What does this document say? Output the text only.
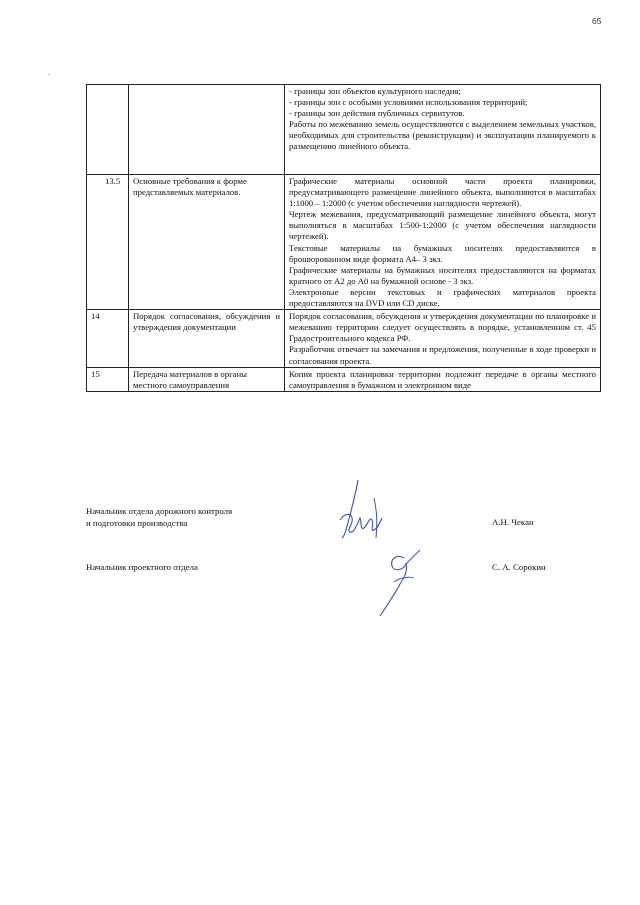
65

		- границы зон объектов культурного наследия;

- границы зон с особыми условиями использования территорий;

- границы зон действия публичных сервитутов.

Работы по межеванию земель осуществляются с выделением земельных участков, необходимых для строительства (реконструкции) и эксплуатации планируемого к размещению линейного объекта.

13.5	Основные требования к форме представляемых материалов.	Графические материалы основной части проекта планировки, предусматривающего размещение линейного объекта, выполняются в масштабах 1:1000 – 1:2000 (с учетом обеспечения наглядности чертежей).

Чертеж межевания, предусматривающий размещение линейного объекта, могут выполняться в масштабах 1:500-1:2000 (с учетом обеспечения наглядности чертежей).

Текстовые материалы на бумажных носителях предоставляются в брошюрованном виде формата А4– 3 экз.

Графические материалы на бумажных носителях предоставляются на форматах кратного от А2 до А0 на бумажной основе - 3 экз.

Электронные версии текстовых и графических материалов проекта предоставляются на DVD или CD диске.

14	Порядок согласования, обсуждения и утверждения документации	Порядок согласования, обсуждения и утверждения документации по планировке и межеванию территории следует осуществлять в порядке, установленном ст. 45 Градостроительного кодекса РФ.

Разработчик отвечает на замечания и предложения, полученные в ходе проверки и согласования проекта.

15	Передача материалов в органы местного самоуправления	Копия проекта планировки территории подлежит передаче в органы местного самоуправления в бумажном и электронном виде

Начальник отдела дорожного контроля
и подготовки производства	А.Н. Чекан
Начальник проектного отдела	С. А. Сорокин
